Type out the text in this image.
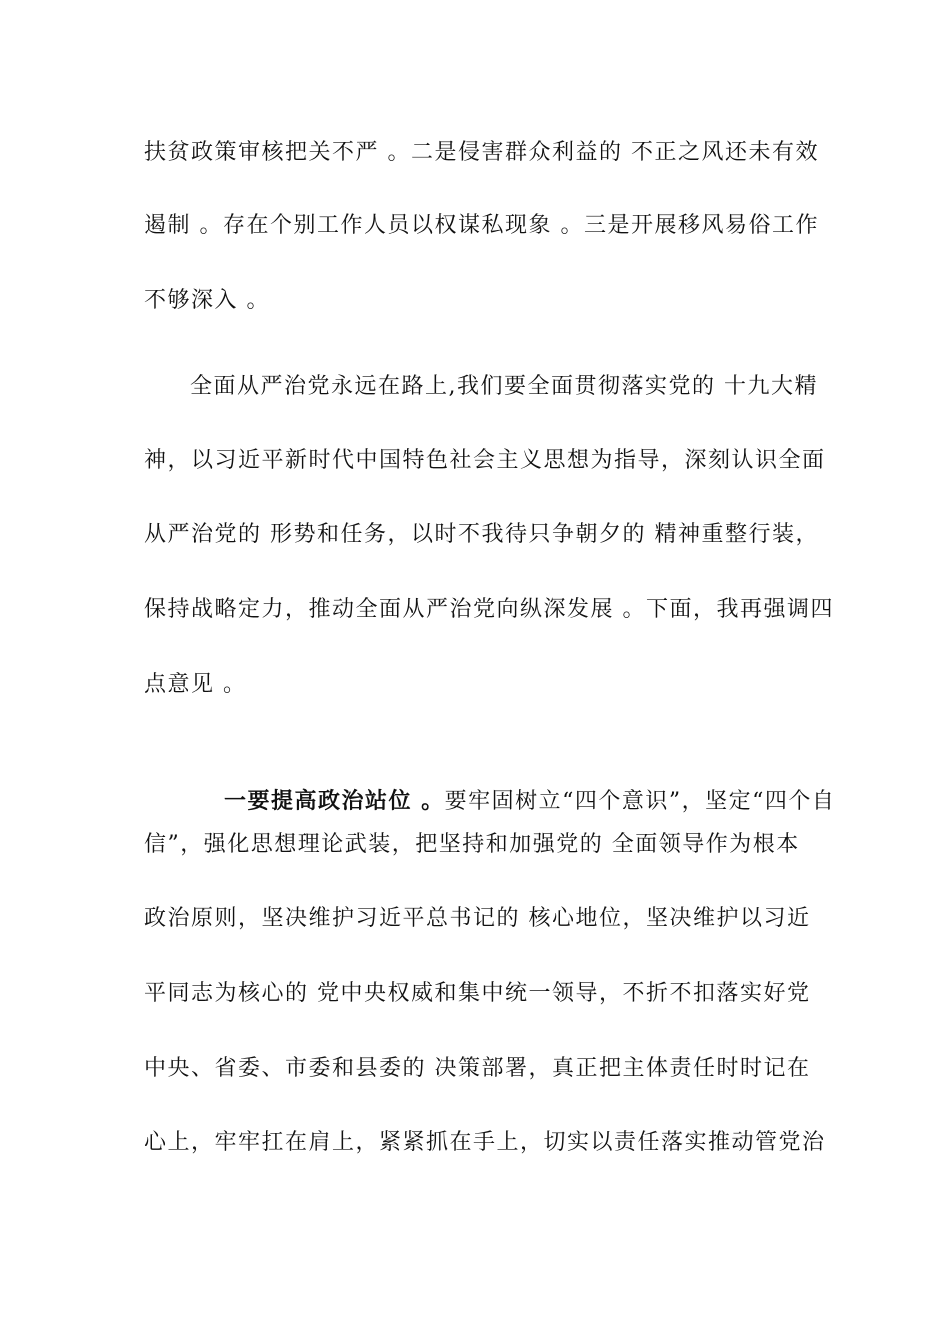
扶贫政策审核把关不严 。二是侵害群众利益的 不正之风还未有效
遏制 。存在个别工作人员以权谋私现象 。三是开展移风易俗工作
不够深入 。
全面从严治党永远在路上,我们要全面贯彻落实党的 十九大精
神，以习近平新时代中国特色社会主义思想为指导，深刻认识全面
从严治党的 形势和任务，以时不我待只争朝夕的 精神重整行装，
保持战略定力，推动全面从严治党向纵深发展 。下面，我再强调四
点意见 。

一要提高政治站位 。要牢固树立“四个意识”，坚定“四个自

信”，强化思想理论武装，把坚持和加强党的 全面领导作为根本
政治原则，坚决维护习近平总书记的 核心地位，坚决维护以习近
平同志为核心的 党中央权威和集中统一领导，不折不扣落实好党
中央、省委、市委和县委的 决策部署，真正把主体责任时时记在
心上，牢牢扛在肩上，紧紧抓在手上，切实以责任落实推动管党治
